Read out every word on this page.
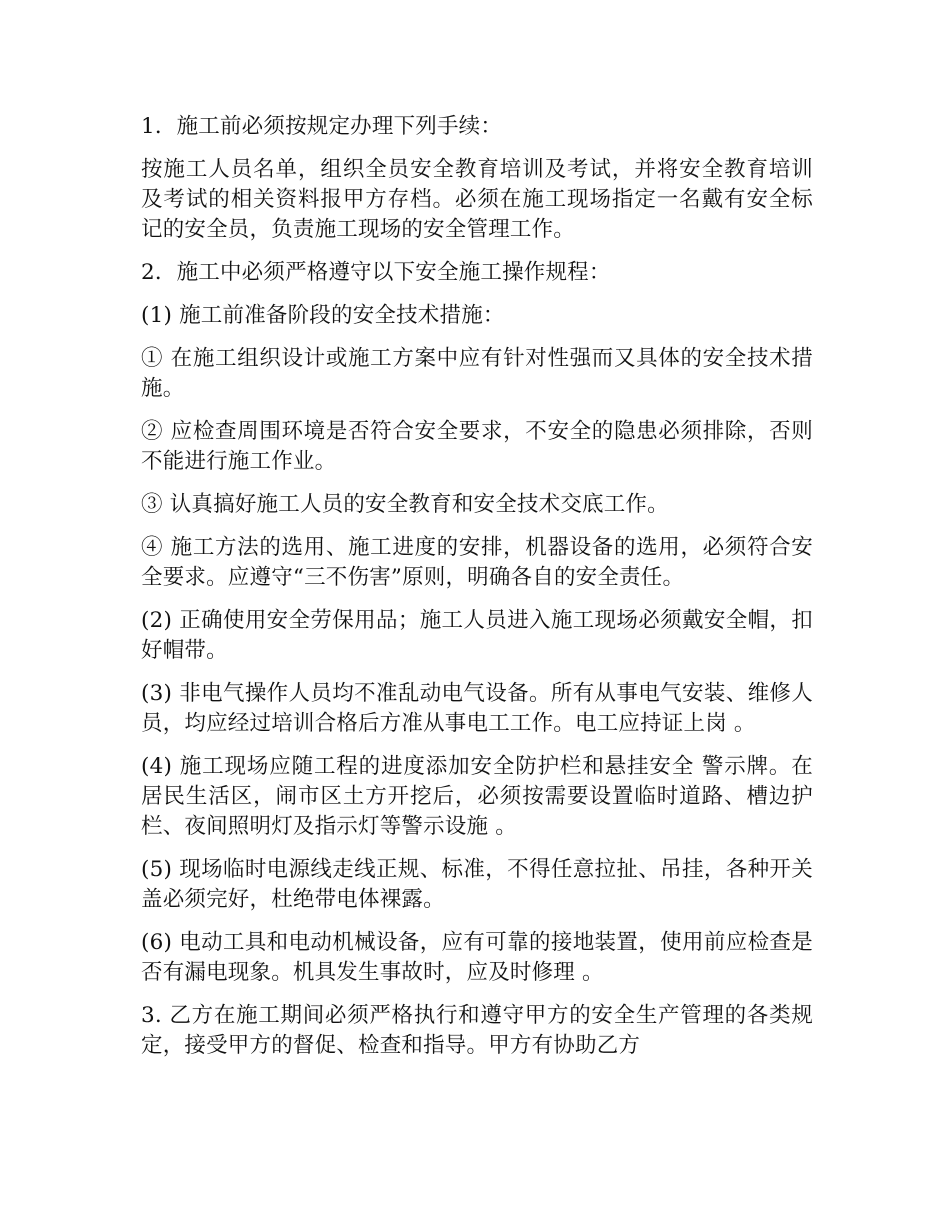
1．施工前必须按规定办理下列手续：

按施工人员名单，组织全员安全教育培训及考试，并将安全教育培训及考试的相关资料报甲方存档。必须在施工现场指定一名戴有安全标记的安全员，负责施工现场的安全管理工作。

2．施工中必须严格遵守以下安全施工操作规程：

(1) 施工前准备阶段的安全技术措施：

① 在施工组织设计或施工方案中应有针对性强而又具体的安全技术措施。

② 应检查周围环境是否符合安全要求，不安全的隐患必须排除，否则不能进行施工作业。

③ 认真搞好施工人员的安全教育和安全技术交底工作。

④ 施工方法的选用、施工进度的安排，机器设备的选用，必须符合安全要求。应遵守“三不伤害”原则，明确各自的安全责任。

(2) 正确使用安全劳保用品；施工人员进入施工现场必须戴安全帽，扣好帽带。

(3) 非电气操作人员均不准乱动电气设备。所有从事电气安装、维修人员，均应经过培训合格后方准从事电工工作。电工应持证上岗 。

(4) 施工现场应随工程的进度添加安全防护栏和悬挂安全 警示牌。在居民生活区，闹市区土方开挖后，必须按需要设置临时道路、槽边护栏、夜间照明灯及指示灯等警示设施 。

(5) 现场临时电源线走线正规、标准，不得任意拉扯、吊挂，各种开关盖必须完好，杜绝带电体裸露。

(6) 电动工具和电动机械设备，应有可靠的接地装置，使用前应检查是否有漏电现象。机具发生事故时，应及时修理 。

3. 乙方在施工期间必须严格执行和遵守甲方的安全生产管理的各类规定，接受甲方的督促、检查和指导。甲方有协助乙方
